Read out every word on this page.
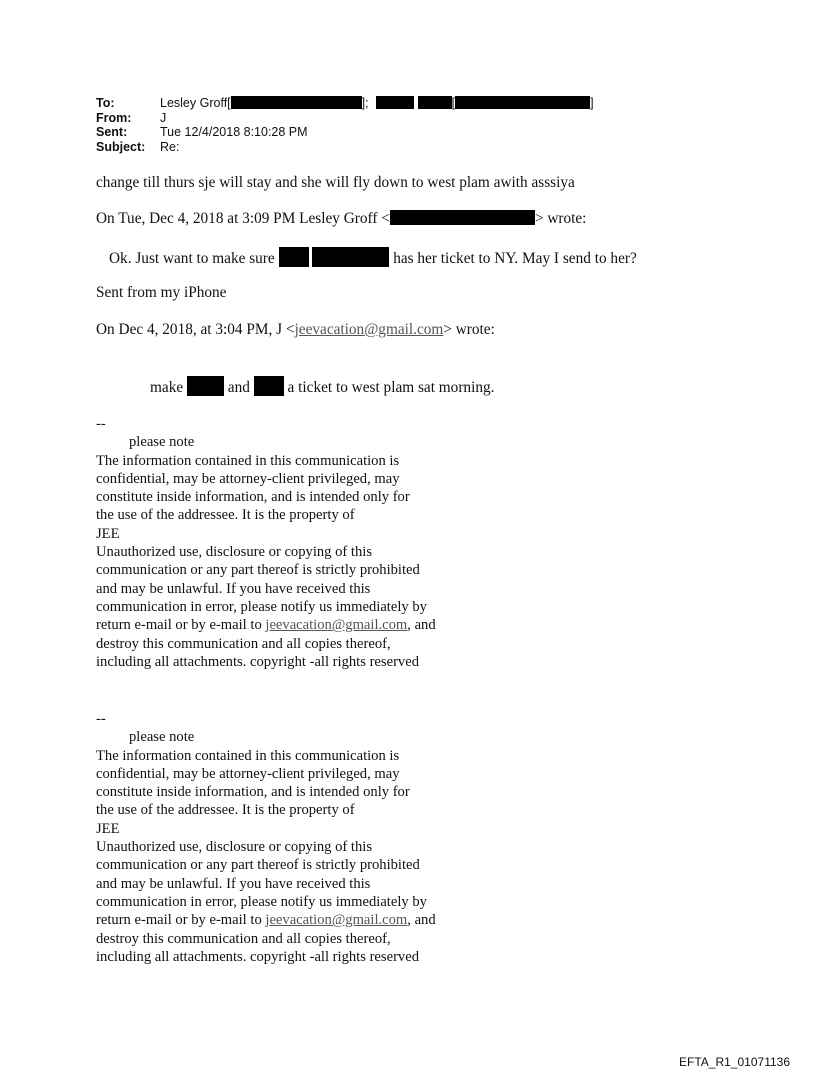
To:	Lesley Groff[	];	[	]
From:	J
Sent:	Tue 12/4/2018 8:10:28 PM
Subject:	Re:
change till thurs sje will stay and she will fly down to west plam awith asssiya
On Tue, Dec 4, 2018 at 3:09 PM Lesley Groff <	> wrote:
Ok. Just want to make sure	has her ticket to NY. May I send to her?
Sent from my iPhone
On Dec 4, 2018, at 3:04 PM, J <jeevacation@gmail.com> wrote:
make	and a ticket to west plam sat morning.
--
please note
The information contained in this communication is
confidential, may be attorney-client privileged, may
constitute inside information, and is intended only for
the use of the addressee. It is the property of
JEE
Unauthorized use, disclosure or copying of this
communication or any part thereof is strictly prohibited
and may be unlawful. If you have received this
communication in error, please notify us immediately by
return e-mail or by e-mail to jeevacation@gmail.com, and
destroy this communication and all copies thereof,
including all attachments. copyright -all rights reserved
--
please note
The information contained in this communication is
confidential, may be attorney-client privileged, may
constitute inside information, and is intended only for
the use of the addressee. It is the property of
JEE
Unauthorized use, disclosure or copying of this
communication or any part thereof is strictly prohibited
and may be unlawful. If you have received this
communication in error, please notify us immediately by
return e-mail or by e-mail to jeevacation@gmail.com, and
destroy this communication and all copies thereof,
including all attachments. copyright -all rights reserved
EFTA_R1_01071136
